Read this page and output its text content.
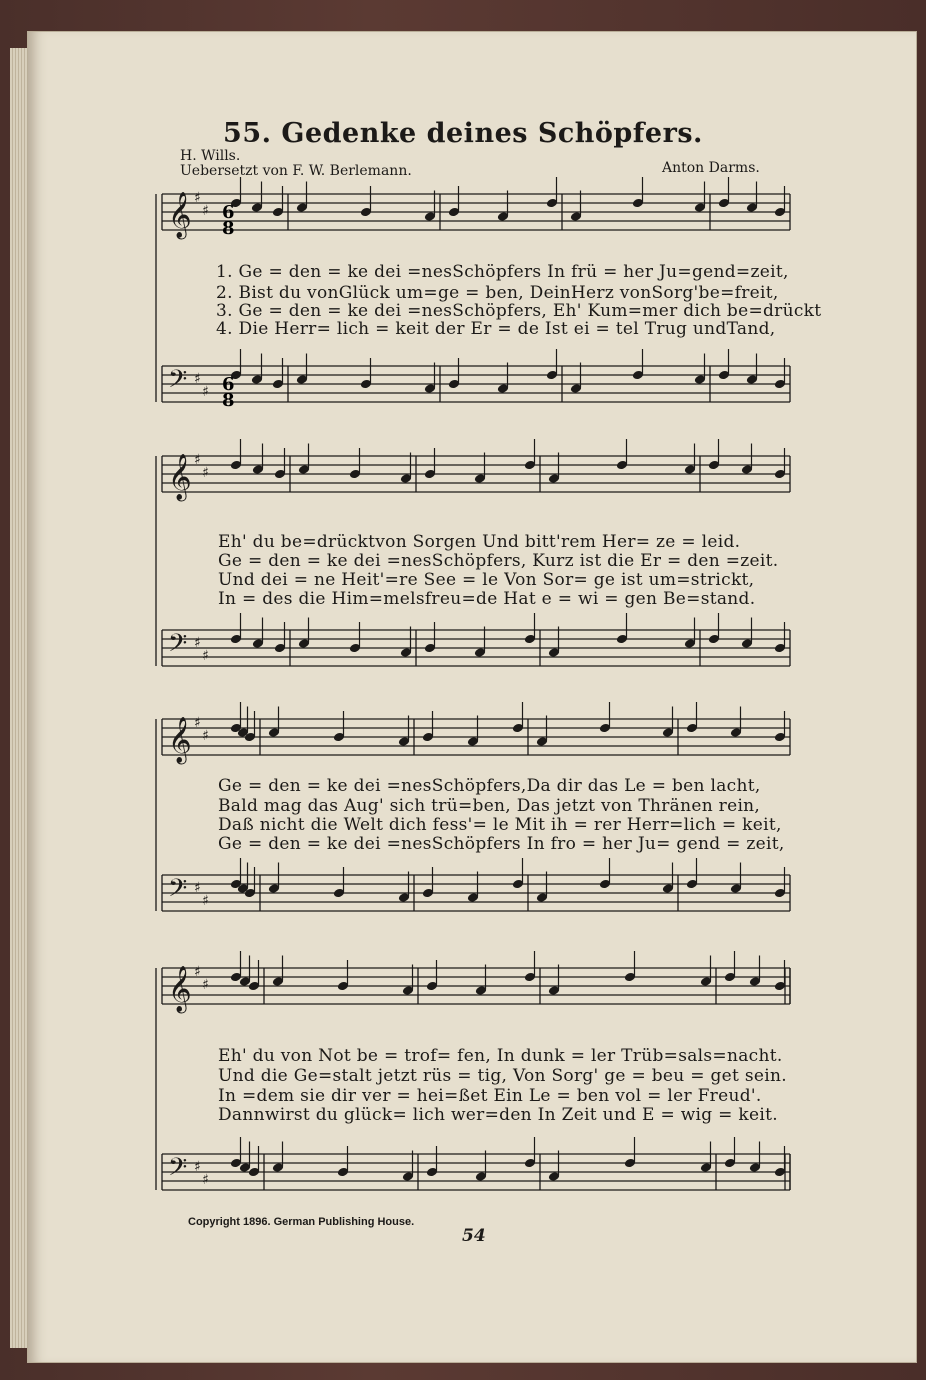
55. Gedenke deines Schöpfers.
H. Wills.
Uebersetzt von F. W. Berlemann.	Anton Darms.
1. Ge = den = ke dei =nesSchöpfers In frü = her Ju=gend=zeit,
2. Bist du vonGlück um=ge = ben, DeinHerz vonSorg'be=freit,
3. Ge = den = ke dei =nesSchöpfers, Eh' Kum=mer dich be=drückt
4. Die Herr= lich = keit der Er = de Ist ei = tel Trug undTand,
Eh' du be=drücktvon Sorgen Und bitt'rem Her= ze = leid.
Ge = den = ke dei =nesSchöpfers, Kurz ist die Er = den =zeit.
Und dei = ne Heit'=re See = le Von Sor= ge ist um=strickt,
In = des die Him=melsfreu=de Hat e = wi = gen Be=stand.
Ge = den = ke dei =nesSchöpfers,Da dir das Le = ben lacht,
Bald mag das Aug' sich trü=ben, Das jetzt von Thränen rein,
Daß nicht die Welt dich fess'= le Mit ih = rer Herr=lich = keit,
Ge = den = ke dei =nesSchöpfers In fro = her Ju= gend = zeit,
Eh' du von Not be = trof= fen, In dunk = ler Trüb=sals=nacht.
Und die Ge=stalt jetzt rüs = tig, Von Sorg' ge = beu = get sein.
In =dem sie dir ver = hei=ßet Ein Le = ben vol = ler Freud'.
Dannwirst du glück= lich wer=den In Zeit und E = wig = keit.
𝄞 ♯
♯
𝄢 ♯
♯
𝄞 ♯
♯
𝄢 ♯
♯
𝄞 ♯
♯
𝄢 ♯
♯
𝄞 ♯
♯
𝄢 ♯
♯
6
8
6
8
Copyright 1896. German Publishing House.
54
